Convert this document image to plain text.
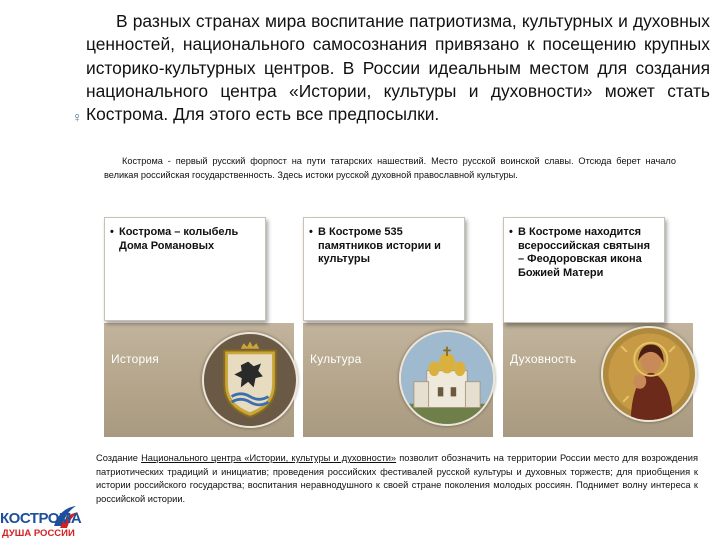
В разных странах мира воспитание патриотизма, культурных и духовных ценностей, национального самосознания привязано к посещению крупных историко-культурных центров. В России идеальным местом для создания национального центра «Истории, культуры и духовности» может стать Кострома. Для этого есть все предпосылки.

♀

Кострома - первый русский форпост на пути татарских нашествий. Место русской воинской славы. Отсюда берет начало великая российская государственность. Здесь истоки русской духовной православной культуры.

История
• Кострома – колыбель Дома Романовых
Культура
• В Костроме 535 памятников истории и культуры
Духовность
• В Костроме находится всероссийская святыня – Феодоровская икона Божией Матери
Создание Национального центра «Истории, культуры и духовности» позволит обозначить на территории России место для возрождения патриотических традиций и инициатив; проведения российских фестивалей русской культуры и духовных торжеств; для приобщения к истории российского государства; воспитания неравнодушного к своей стране поколения молодых россиян. Поднимет волну интереса к российской истории.
КОСТРОМА
ДУША РОССИИ
